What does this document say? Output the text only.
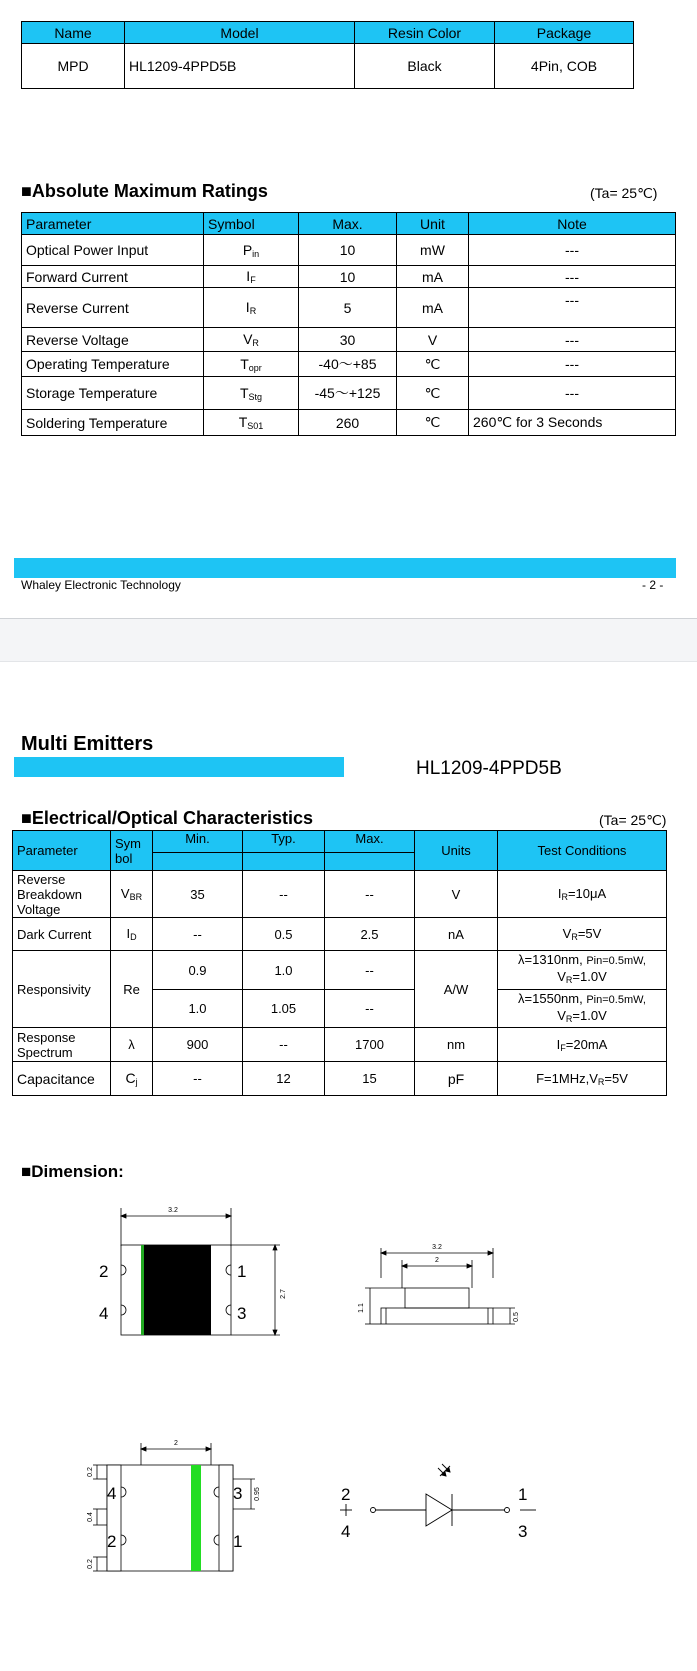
Name	Model	Resin Color	Package
MPD	HL1209-4PPD5B	Black	4Pin, COB
■Absolute Maximum Ratings	(Ta= 25℃)
Parameter	Symbol	Max.	Unit	Note
Optical Power Input	$P_{in}$	10	mW	---
Forward Current	$I_F$	10	mA	---
Reverse Current	$I_R$	5	mA	---
Reverse Voltage	$V_R$	30	V	---
Operating Temperature	$T_{opr}$	-40～+85	℃	---
Storage Temperature	$T_{Stg}$	-45～+125	℃	---
Soldering Temperature	$T_{S01}$	260	℃	260℃ for 3 Seconds
Whaley Electronic Technology	- 2 -
Multi Emitters
HL1209-4PPD5B
■Electrical/Optical Characteristics	(Ta= 25℃)
Parameter	Sym bol	Min.	Typ.	Max.	Units	Test Conditions

Reverse Breakdown Voltage	$V_{BR}$	35	--	--	V	$I_R=10\mu A$
Dark Current	$I_D$	--	0.5	2.5	nA	$V_R=5V$
Responsivity	Re	0.9	1.0	--	A/W	λ=1310nm, Pin=0.5mW,
$V_R=1.0V$
		1.0	1.05	--		λ=1550nm, Pin=0.5mW,
$V_R=1.0V$
Response Spectrum	λ	900	--	1700	nm	$I_F=20mA$
Capacitance	$C_j$	--	12	15	pF	$F=1MHz,V_R=5V$
■Dimension:
3.2
2.7
2	1
4	3
3.2
2
1.1
0.5
2
0.2
0.4
0.2
0.95
4	3
2	1
2
4
1
3
